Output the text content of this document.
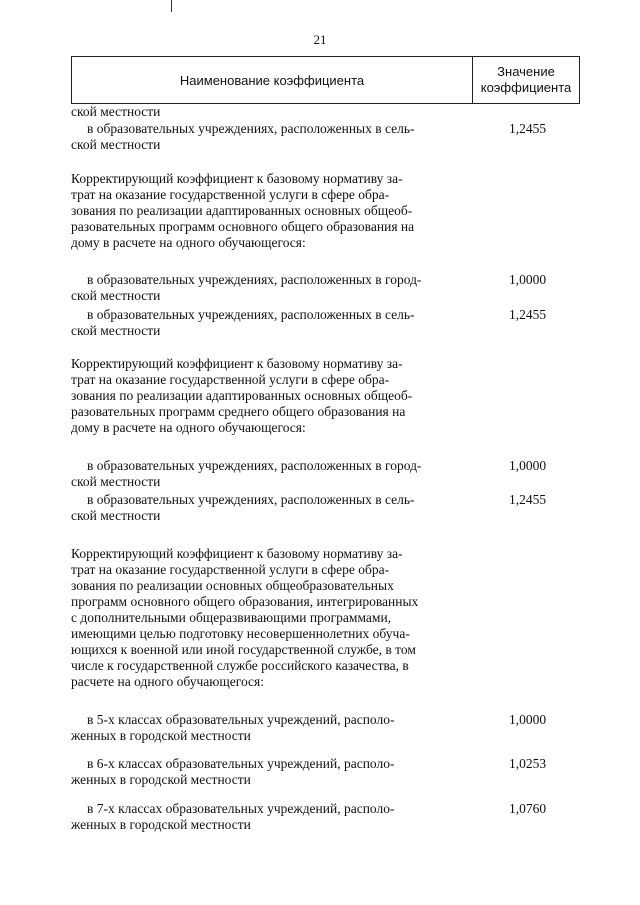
21
Наименование коэффициента
Значение
коэффициента
ской местности
в образовательных учреждениях, расположенных в сель-
ской местности
1,2455
Корректирующий коэффициент к базовому нормативу за-
трат на оказание государственной услуги в сфере обра-
зования по реализации адаптированных основных общеоб-
разовательных программ основного общего образования на
дому в расчете на одного обучающегося:
в образовательных учреждениях, расположенных в город-
ской местности
1,0000
в образовательных учреждениях, расположенных в сель-
ской местности
1,2455
Корректирующий коэффициент к базовому нормативу за-
трат на оказание государственной услуги в сфере обра-
зования по реализации адаптированных основных общеоб-
разовательных программ среднего общего образования на
дому в расчете на одного обучающегося:
в образовательных учреждениях, расположенных в город-
ской местности
1,0000
в образовательных учреждениях, расположенных в сель-
ской местности
1,2455
Корректирующий коэффициент к базовому нормативу за-
трат на оказание государственной услуги в сфере обра-
зования по реализации основных общеобразовательных
программ основного общего образования, интегрированных
с дополнительными общеразвивающими программами,
имеющими целью подготовку несовершеннолетних обуча-
ющихся к военной или иной государственной службе, в том
числе к государственной службе российского казачества, в
расчете на одного обучающегося:
в 5-х классах образовательных учреждений, располо-
женных в городской местности
1,0000
в 6-х классах образовательных учреждений, располо-
женных в городской местности
1,0253
в 7-х классах образовательных учреждений, располо-
женных в городской местности
1,0760
